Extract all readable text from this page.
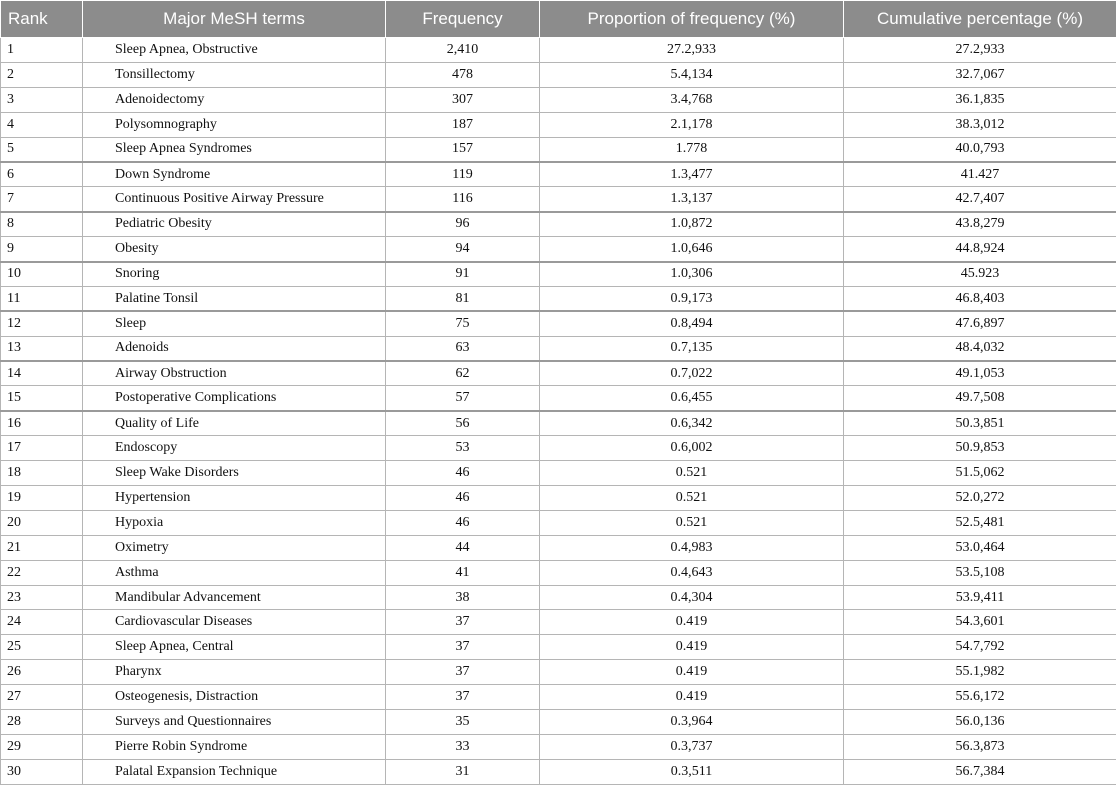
Rank	Major MeSH terms	Frequency	Proportion of frequency (%)	Cumulative percentage (%)
1	Sleep Apnea, Obstructive	2,410	27.2,933	27.2,933
2	Tonsillectomy	478	5.4,134	32.7,067
3	Adenoidectomy	307	3.4,768	36.1,835
4	Polysomnography	187	2.1,178	38.3,012
5	Sleep Apnea Syndromes	157	1.778	40.0,793
6	Down Syndrome	119	1.3,477	41.427
7	Continuous Positive Airway Pressure	116	1.3,137	42.7,407
8	Pediatric Obesity	96	1.0,872	43.8,279
9	Obesity	94	1.0,646	44.8,924
10	Snoring	91	1.0,306	45.923
11	Palatine Tonsil	81	0.9,173	46.8,403
12	Sleep	75	0.8,494	47.6,897
13	Adenoids	63	0.7,135	48.4,032
14	Airway Obstruction	62	0.7,022	49.1,053
15	Postoperative Complications	57	0.6,455	49.7,508
16	Quality of Life	56	0.6,342	50.3,851
17	Endoscopy	53	0.6,002	50.9,853
18	Sleep Wake Disorders	46	0.521	51.5,062
19	Hypertension	46	0.521	52.0,272
20	Hypoxia	46	0.521	52.5,481
21	Oximetry	44	0.4,983	53.0,464
22	Asthma	41	0.4,643	53.5,108
23	Mandibular Advancement	38	0.4,304	53.9,411
24	Cardiovascular Diseases	37	0.419	54.3,601
25	Sleep Apnea, Central	37	0.419	54.7,792
26	Pharynx	37	0.419	55.1,982
27	Osteogenesis, Distraction	37	0.419	55.6,172
28	Surveys and Questionnaires	35	0.3,964	56.0,136
29	Pierre Robin Syndrome	33	0.3,737	56.3,873
30	Palatal Expansion Technique	31	0.3,511	56.7,384
